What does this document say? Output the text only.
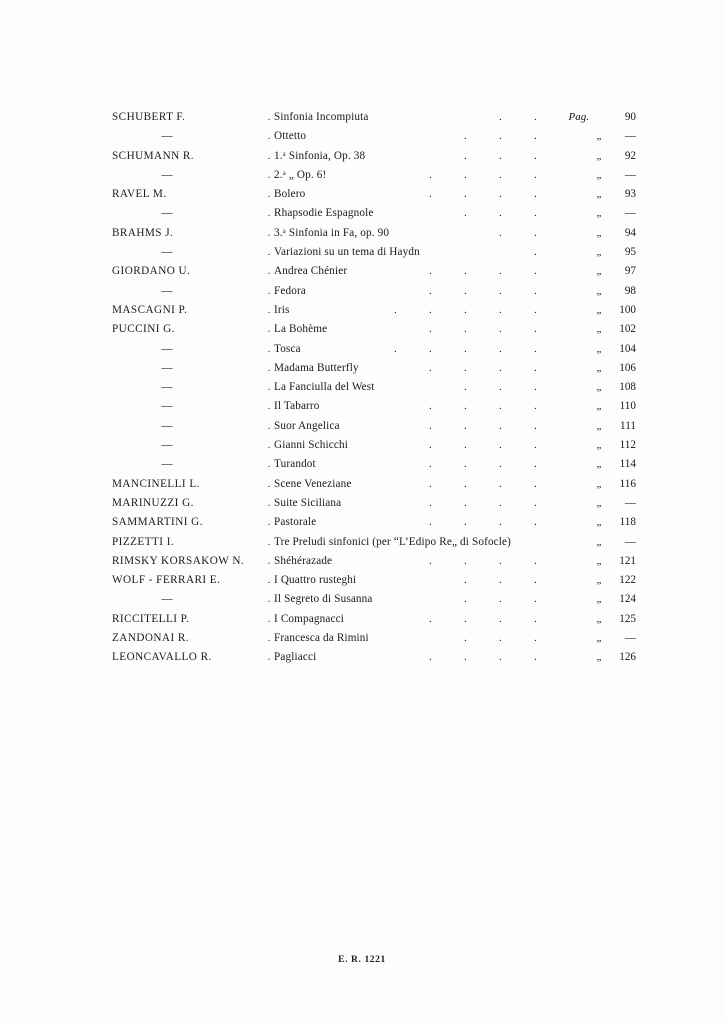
SCHUBERT F.	.	Sinfonia Incompiuta . .	Pag.		90
—	.	Ottetto	.	.	.		„	—
SCHUMANN R.	.	1.ᵃ Sinfonia, Op. 38	.	.	.		„	92
—	.	2.ᵃ „ Op. 6!	.	.	.	.		„	—
RAVEL M.	.	Bolero	.	.	.	.		„	93
—	.	Rhapsodie Espagnole	.	.	.		„	—
BRAHMS J.	.	3.ᵃ Sinfonia in Fa, op. 90 . .		„	94
—	.	Variazioni su un tema di Haydn .		„	95
GIORDANO U.	.	Andrea Chénier	.	.	.	.		„	97
—	.	Fedora	.	.	.	.		„	98
MASCAGNI P.	.	Iris	.	.	.	.	.		„	100
PUCCINI G.	.	La Bohème	.	.	.	.		„	102
—	.	Tosca	.	.	.	.	.		„	104
—	.	Madama Butterfly	.	.	.	.		„	106
—	.	La Fanciulla del West	.	.	.		„	108
—	.	Il Tabarro	.	.	.	.		„	110
—	.	Suor Angelica	.	.	.	.		„	111
—	.	Gianni Schicchi	.	.	.	.		„	112
—	.	Turandot	.	.	.	.		„	114
MANCINELLI L.	.	Scene Veneziane	.	.	.	.		„	116
MARINUZZI G.	.	Suite Siciliana	.	.	.	.		„	—
SAMMARTINI G.	.	Pastorale	.	.	.	.		„	118
PIZZETTI I.	.	Tre Preludi sinfonici (per “L’Edipo Re„ di Sofocle)		„	—
RIMSKY KORSAKOW N.	.	Shéhérazade	.	.	.	.		„	121
WOLF - FERRARI E.	.	I Quattro rusteghi	.	.	.		„	122
—	.	Il Segreto di Susanna	.	.	.		„	124
RICCITELLI P.	.	I Compagnacci	.	.	.	.		„	125
ZANDONAI R.	.	Francesca da Rimini	.	.	.		„	—
LEONCAVALLO R.	.	Pagliacci	.	.	.	.		„	126
E. R. 1221
